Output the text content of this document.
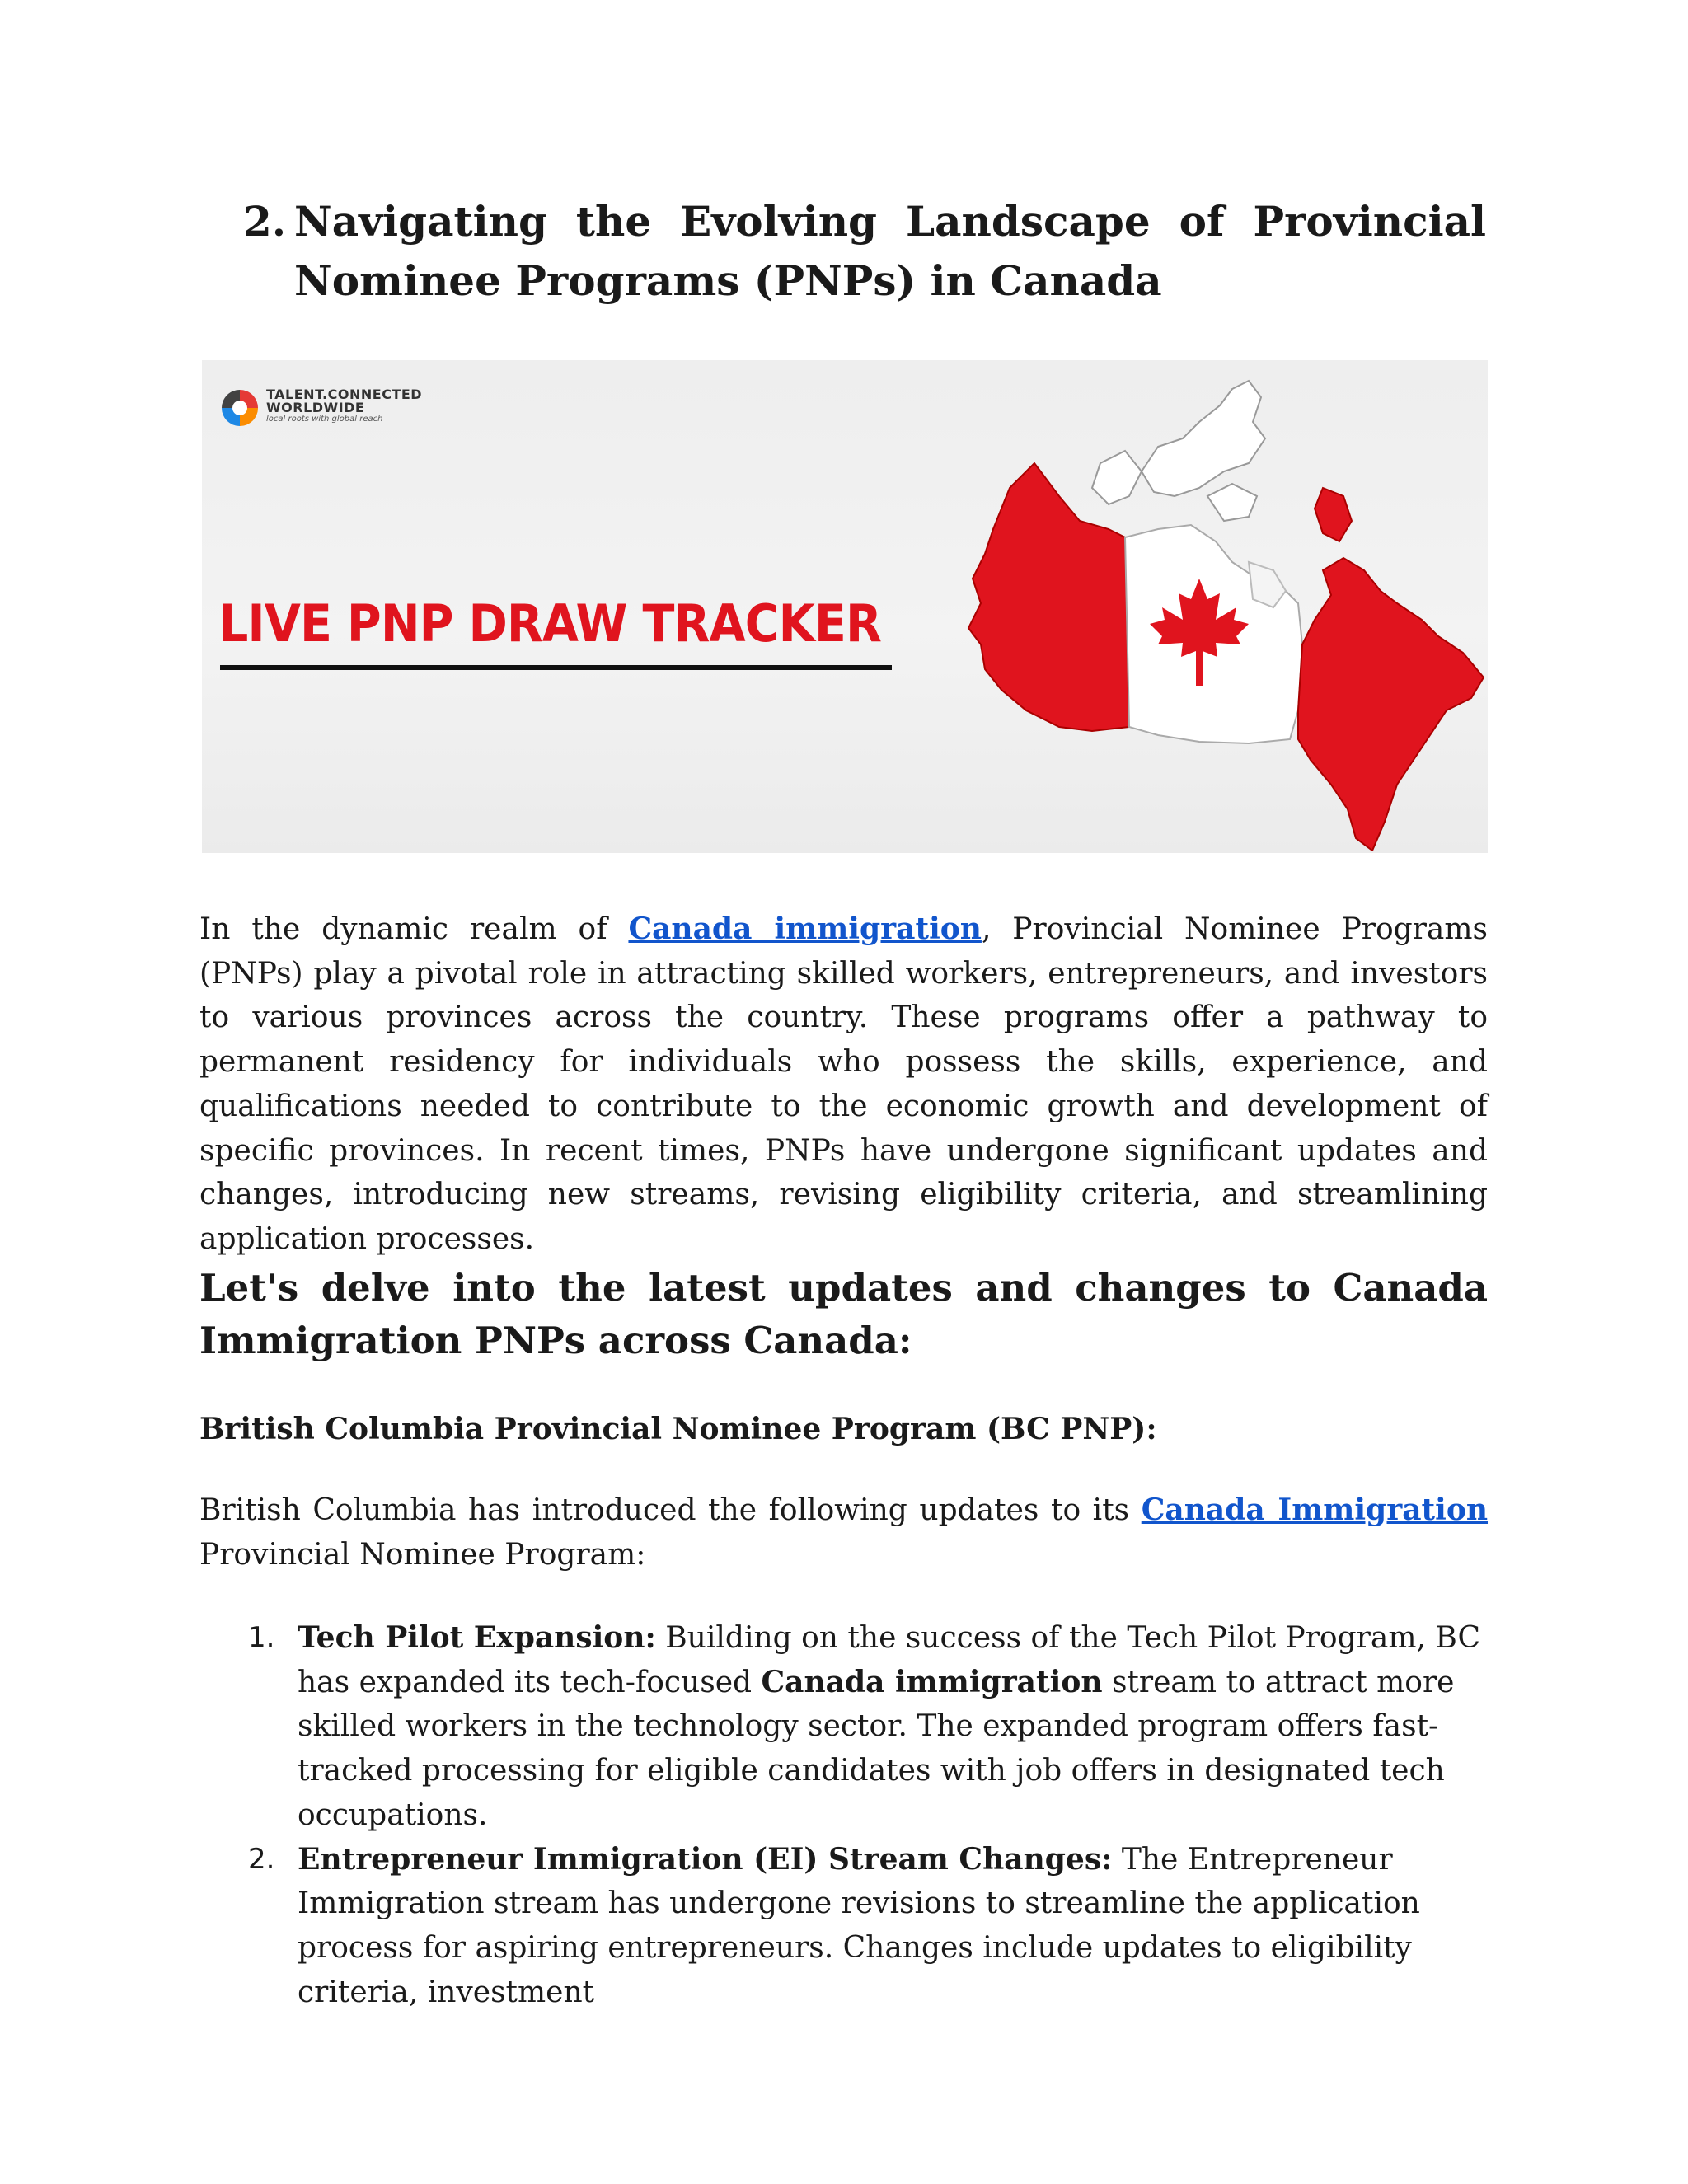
2. Navigating the Evolving Landscape of Provincial Nominee Programs (PNPs) in Canada
TALENT.CONNECTED
WORLDWIDE
local roots with global reach
LIVE PNP DRAW TRACKER

In the dynamic realm of Canada immigration, Provincial Nominee Programs (PNPs) play a pivotal role in attracting skilled workers, entrepreneurs, and investors to various provinces across the country. These programs offer a pathway to permanent residency for individuals who possess the skills, experience, and qualifications needed to contribute to the economic growth and development of specific provinces. In recent times, PNPs have undergone significant updates and changes, introducing new streams, revising eligibility criteria, and streamlining application processes.

Let's delve into the latest updates and changes to Canada Immigration PNPs across Canada:
British Columbia Provincial Nominee Program (BC PNP):

British Columbia has introduced the following updates to its Canada Immigration Provincial Nominee Program:

1. Tech Pilot Expansion: Building on the success of the Tech Pilot Program, BC has expanded its tech-focused Canada immigration stream to attract more skilled workers in the technology sector. The expanded program offers fast-tracked processing for eligible candidates with job offers in designated tech occupations.
2. Entrepreneur Immigration (EI) Stream Changes: The Entrepreneur Immigration stream has undergone revisions to streamline the application process for aspiring entrepreneurs. Changes include updates to eligibility criteria, investment
